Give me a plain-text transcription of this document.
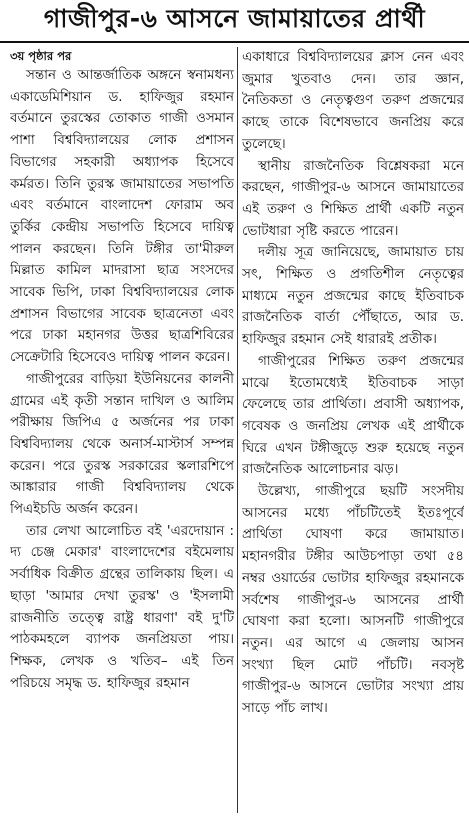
গাজীপুর-৬ আসনে জামায়াতের প্রার্থী
৩য় পৃষ্ঠার পর

সন্তান ও আন্তর্জাতিক অঙ্গনে স্বনামধন্য একাডেমিশিয়ান ড. হাফিজুর রহমান বর্তমানে তুরস্কের তোকাত গাজী ওসমান পাশা বিশ্ববিদ্যালয়ের লোক প্রশাসন বিভাগের সহকারী অধ্যাপক হিসেবে কর্মরত। তিনি তুরস্ক জামায়াতের সভাপতি এবং বর্তমানে বাংলাদেশ ফোরাম অব তুর্কির কেন্দ্রীয় সভাপতি হিসেবে দায়িত্ব পালন করছেন। তিনি টঙ্গীর তা'মীরুল মিল্লাত কামিল মাদরাসা ছাত্র সংসদের সাবেক ভিপি, ঢাকা বিশ্ববিদ্যালয়ের লোক প্রশাসন বিভাগের সাবেক ছাত্রনেতা এবং পরে ঢাকা মহানগর উত্তর ছাত্রশিবিরের সেক্রেটারি হিসেবেও দায়িত্ব পালন করেন।

গাজীপুরের বাড়িয়া ইউনিয়নের কালনী গ্রামের এই কৃতী সন্তান দাখিল ও আলিম পরীক্ষায় জিপিএ ৫ অর্জনের পর ঢাকা বিশ্ববিদ্যালয় থেকে অনার্স-মাস্টার্স সম্পন্ন করেন। পরে তুরস্ক সরকারের স্কলারশিপে আঙ্কারার গাজী বিশ্ববিদ্যালয় থেকে পিএইচডি অর্জন করেন।

তার লেখা আলোচিত বই 'এরদোয়ান : দ্য চেঞ্জ মেকার' বাংলাদেশের বইমেলায় সর্বাধিক বিক্রীত গ্রন্থের তালিকায় ছিল। এ ছাড়া 'আমার দেখা তুরস্ক' ও 'ইসলামী রাজনীতি তত্ত্বে রাষ্ট্র ধারণা' বই দু'টি পাঠকমহলে ব্যাপক জনপ্রিয়তা পায়। শিক্ষক, লেখক ও খতিব– এই তিন পরিচয়ে সমৃদ্ধ ড. হাফিজুর রহমান

একাধারে বিশ্ববিদ্যালয়ের ক্লাস নেন এবং জুমার খুতবাও দেন। তার জ্ঞান, নৈতিকতা ও নেতৃত্বগুণ তরুণ প্রজন্মের কাছে তাকে বিশেষভাবে জনপ্রিয় করে তুলেছে।

স্থানীয় রাজনৈতিক বিশ্লেষকরা মনে করছেন, গাজীপুর-৬ আসনে জামায়াতের এই তরুণ ও শিক্ষিত প্রার্থী একটি নতুন ভোটধারা সৃষ্টি করতে পারেন।

দলীয় সূত্র জানিয়েছে, জামায়াত চায় সৎ, শিক্ষিত ও প্রগতিশীল নেতৃত্বের মাধ্যমে নতুন প্রজন্মের কাছে ইতিবাচক রাজনৈতিক বার্তা পৌঁছাতে, আর ড. হাফিজুর রহমান সেই ধারারই প্রতীক।

গাজীপুরের শিক্ষিত তরুণ প্রজন্মের মাঝে ইতোমধ্যেই ইতিবাচক সাড়া ফেলেছে তার প্রার্থিতা। প্রবাসী অধ্যাপক, গবেষক ও জনপ্রিয় লেখক এই প্রার্থীকে ঘিরে এখন টঙ্গীজুড়ে শুরু হয়েছে নতুন রাজনৈতিক আলোচনার ঝড়।

উল্লেখ্য, গাজীপুরে ছয়টি সংসদীয় আসনের মধ্যে পাঁচটিতেই ইতঃপূর্বে প্রার্থিতা ঘোষণা করে জামায়াত। মহানগরীর টঙ্গীর আউচপাড়া তথা ৫৪ নম্বর ওয়ার্ডের ভোটার হাফিজুর রহমানকে সর্বশেষ গাজীপুর-৬ আসনের প্রার্থী ঘোষণা করা হলো। আসনটি গাজীপুরে নতুন। এর আগে এ জেলায় আসন সংখ্যা ছিল মোট পাঁচটি। নবসৃষ্ট গাজীপুর-৬ আসনে ভোটার সংখ্যা প্রায় সাড়ে পাঁচ লাখ।
